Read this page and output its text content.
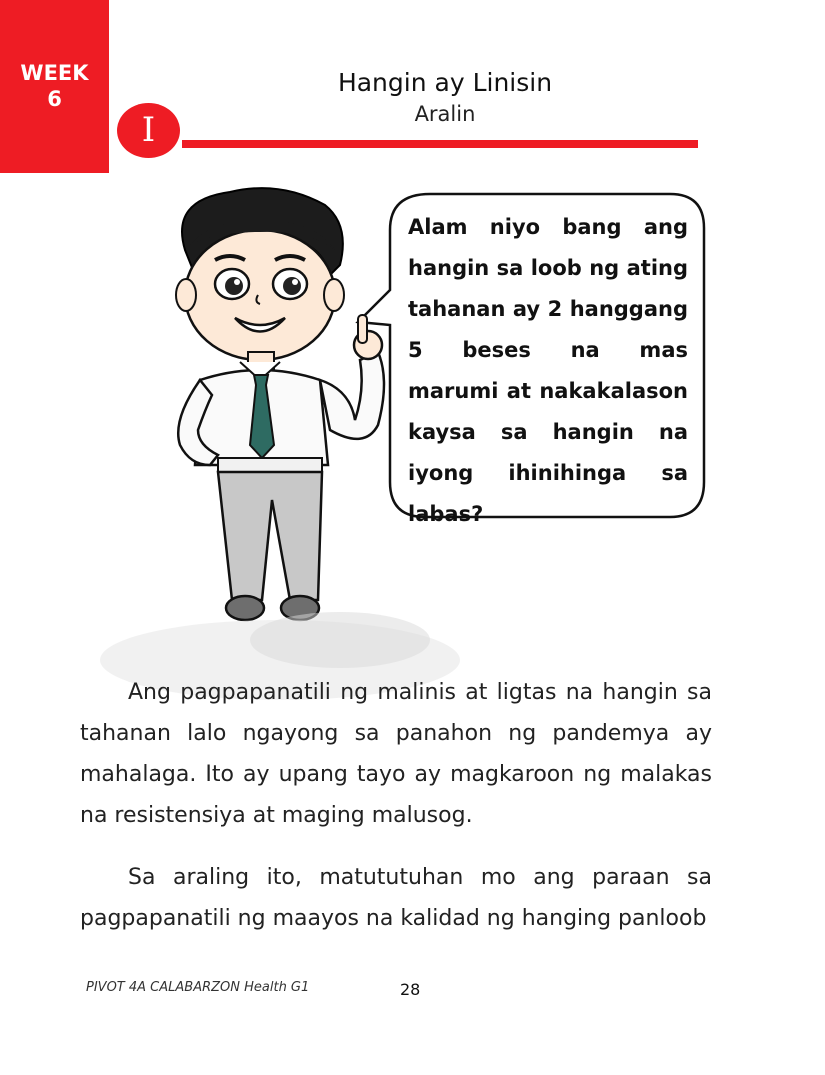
WEEK
6
Hangin ay Linisin
Aralin
I
Alam niyo bang ang hangin sa loob ng ating tahanan ay 2 hanggang 5 beses na mas marumi at nakakalason kaysa sa hangin na iyong ihinihinga sa labas?
Ang pagpapanatili ng malinis at ligtas na hangin sa tahanan lalo ngayong sa panahon ng pandemya ay mahalaga. Ito ay upang tayo ay magkaroon ng malakas na resistensiya at maging malusog.
Sa araling ito, matututuhan mo ang paraan sa pagpapanatili ng maayos na kalidad ng hanging panloob
PIVOT 4A CALABARZON Health G1	28
